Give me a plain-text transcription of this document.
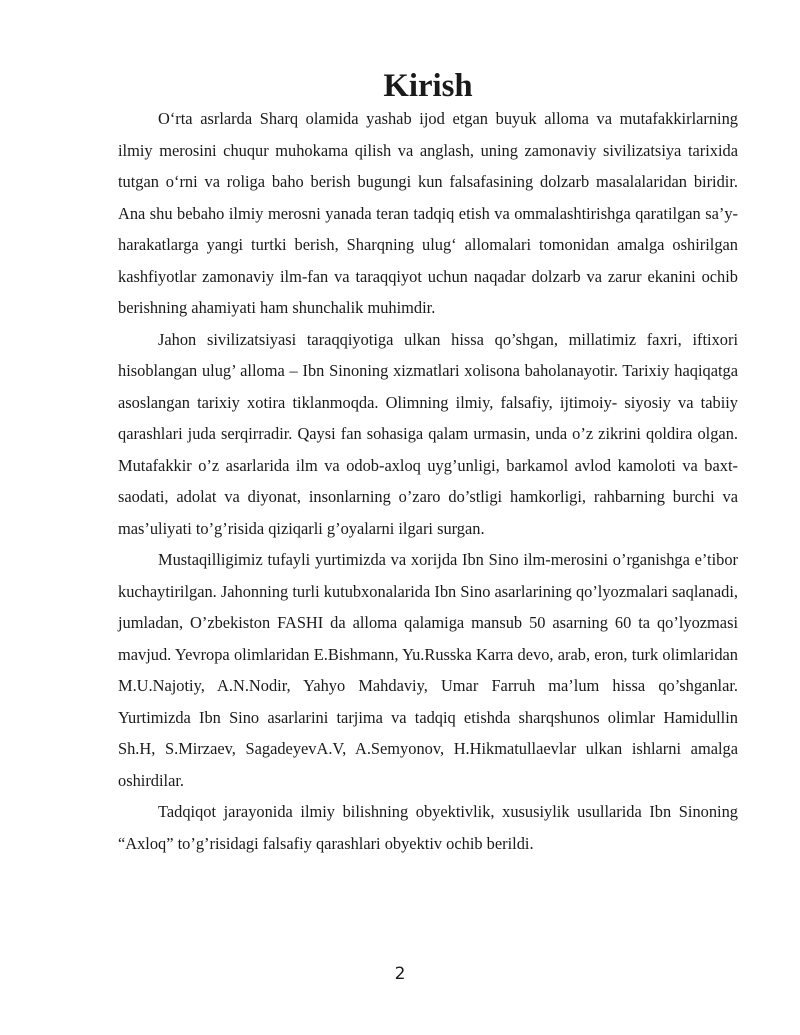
Kirish

O‘rta asrlarda Sharq olamida yashab ijod etgan buyuk alloma va mutafakkirlarning ilmiy merosini chuqur muhokama qilish va anglash, uning zamonaviy sivilizatsiya tarixida tutgan o‘rni va roliga baho berish bugungi kun falsafasining dolzarb masalalaridan biridir. Ana shu bebaho ilmiy merosni yanada teran tadqiq etish va ommalashtirishga qaratilgan sa’y-harakatlarga yangi turtki berish, Sharqning ulug‘ allomalari tomonidan amalga oshirilgan kashfiyotlar zamonaviy ilm-fan va taraqqiyot uchun naqadar dolzarb va zarur ekanini ochib berishning ahamiyati ham shunchalik muhimdir.

Jahon sivilizatsiyasi taraqqiyotiga ulkan hissa qo’shgan, millatimiz faxri, iftixori hisoblangan ulug’ alloma – Ibn Sinoning xizmatlari xolisona baholanayotir. Tarixiy haqiqatga asoslangan tarixiy xotira tiklanmoqda. Olimning ilmiy, falsafiy, ijtimoiy- siyosiy va tabiiy qarashlari juda serqirradir. Qaysi fan sohasiga qalam urmasin, unda o’z zikrini qoldira olgan. Mutafakkir o’z asarlarida ilm va odob-axloq uyg’unligi, barkamol avlod kamoloti va baxt-saodati, adolat va diyonat, insonlarning o’zaro do’stligi hamkorligi, rahbarning burchi va mas’uliyati to’g’risida qiziqarli g’oyalarni ilgari surgan.

Mustaqilligimiz tufayli yurtimizda va xorijda Ibn Sino ilm-merosini o’rganishga e’tibor kuchaytirilgan. Jahonning turli kutubxonalarida Ibn Sino asarlarining qo’lyozmalari saqlanadi, jumladan, O’zbekiston FASHI da alloma qalamiga mansub 50 asarning 60 ta qo’lyozmasi mavjud. Yevropa olimlaridan E.Bishmann, Yu.Russka Karra devo, arab, eron, turk olimlaridan M.U.Najotiy, A.N.Nodir, Yahyo Mahdaviy, Umar Farruh ma’lum hissa qo’shganlar. Yurtimizda Ibn Sino asarlarini tarjima va tadqiq etishda sharqshunos olimlar Hamidullin Sh.H, S.Mirzaev, SagadeyevA.V, A.Semyonov, H.Hikmatullaevlar ulkan ishlarni amalga oshirdilar.

Tadqiqot jarayonida ilmiy bilishning obyektivlik, xususiylik usullarida Ibn Sinoning “Axloq” to’g’risidagi falsafiy qarashlari obyektiv ochib berildi.

2
